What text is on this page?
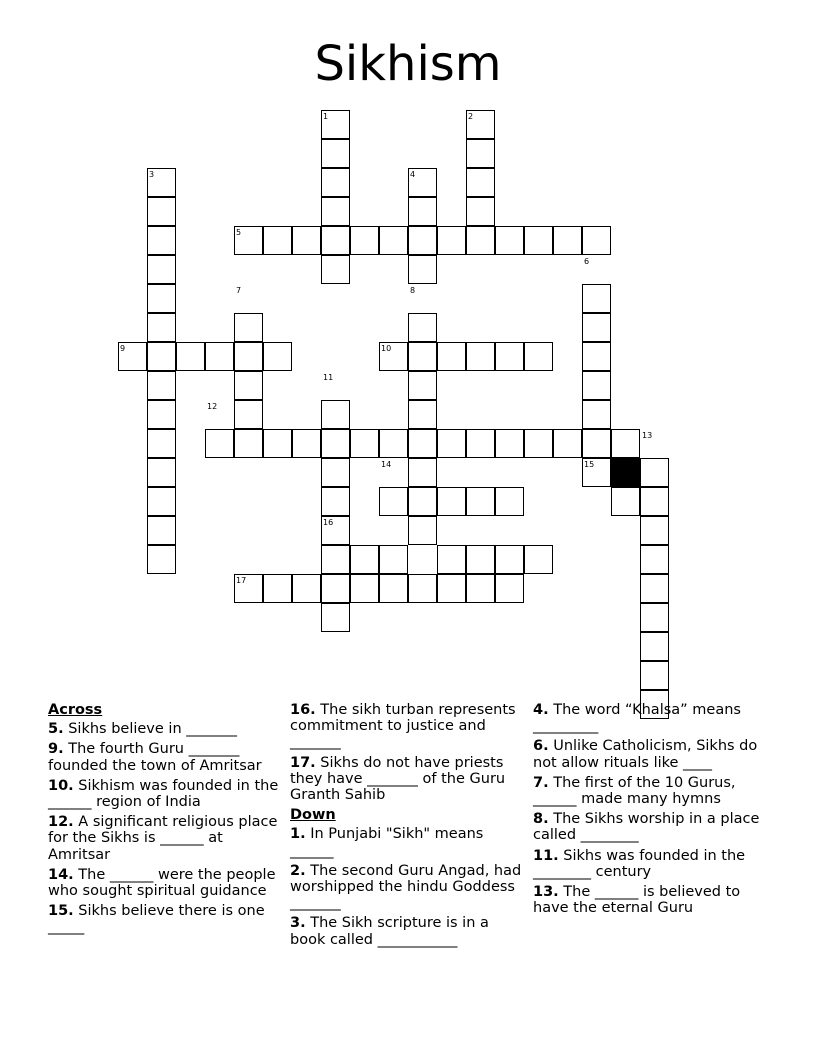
Sikhism
1	2
3	4
5
6
7	8
9	10
11
12
13
14	15
16
17
Across
5. Sikhs believe in _______
9. The fourth Guru _______ founded the town of Amritsar
10. Sikhism was founded in the ______ region of India
12. A significant religious place for the Sikhs is ______ at Amritsar
14. The ______ were the people who sought spiritual guidance
15. Sikhs believe there is one _____
16. The sikh turban represents commitment to justice and _______
17. Sikhs do not have priests they have _______ of the Guru Granth Sahib
Down
1. In Punjabi "Sikh" means ______
2. The second Guru Angad, had worshipped the hindu Goddess _______
3. The Sikh scripture is in a book called ___________
4. The word “Khalsa” means _________
6. Unlike Catholicism, Sikhs do not allow rituals like ____
7. The first of the 10 Gurus, ______ made many hymns
8. The Sikhs worship in a place called ________
11. Sikhs was founded in the ________ century
13. The ______ is believed to have the eternal Guru
